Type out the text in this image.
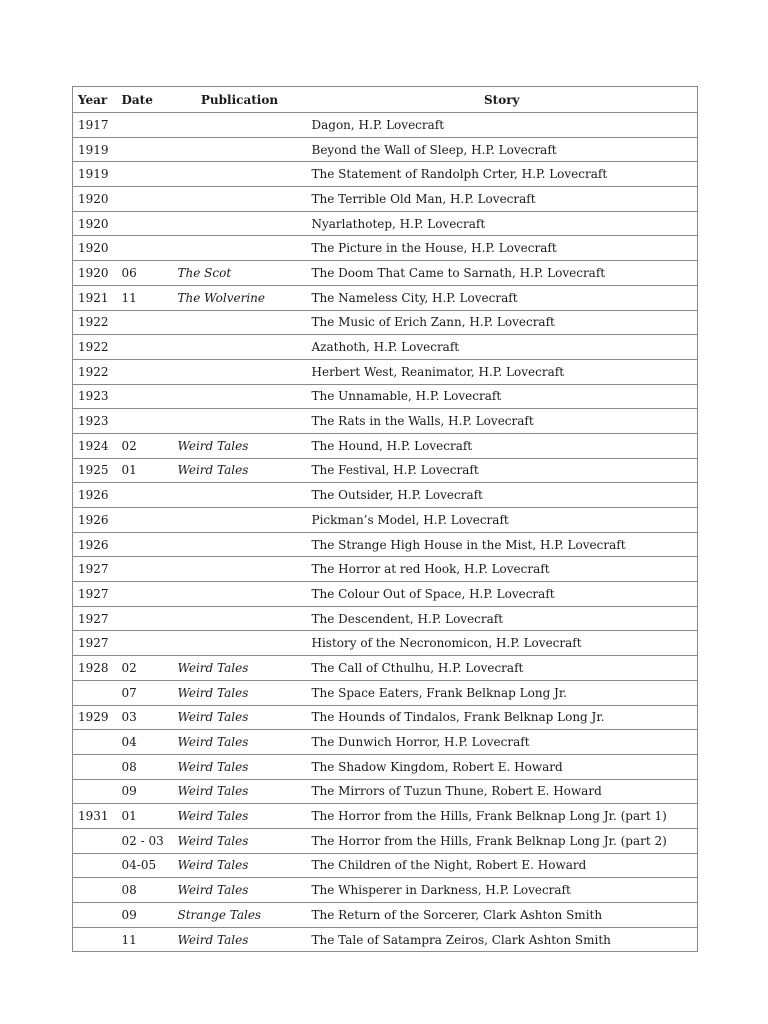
Year	Date	Publication	Story
1917			Dagon, H.P. Lovecraft
1919			Beyond the Wall of Sleep, H.P. Lovecraft
1919			The Statement of Randolph Crter, H.P. Lovecraft
1920			The Terrible Old Man, H.P. Lovecraft
1920			Nyarlathotep, H.P. Lovecraft
1920			The Picture in the House, H.P. Lovecraft
1920	06	The Scot	The Doom That Came to Sarnath, H.P. Lovecraft
1921	11	The Wolverine	The Nameless City, H.P. Lovecraft
1922			The Music of Erich Zann, H.P. Lovecraft
1922			Azathoth, H.P. Lovecraft
1922			Herbert West, Reanimator, H.P. Lovecraft
1923			The Unnamable, H.P. Lovecraft
1923			The Rats in the Walls, H.P. Lovecraft
1924	02	Weird Tales	The Hound, H.P. Lovecraft
1925	01	Weird Tales	The Festival, H.P. Lovecraft
1926			The Outsider, H.P. Lovecraft
1926			Pickman’s Model, H.P. Lovecraft
1926			The Strange High House in the Mist, H.P. Lovecraft
1927			The Horror at red Hook, H.P. Lovecraft
1927			The Colour Out of Space, H.P. Lovecraft
1927			The Descendent, H.P. Lovecraft
1927			History of the Necronomicon, H.P. Lovecraft
1928	02	Weird Tales	The Call of Cthulhu, H.P. Lovecraft
	07	Weird Tales	The Space Eaters, Frank Belknap Long Jr.
1929	03	Weird Tales	The Hounds of Tindalos, Frank Belknap Long Jr.
	04	Weird Tales	The Dunwich Horror, H.P. Lovecraft
	08	Weird Tales	The Shadow Kingdom, Robert E. Howard
	09	Weird Tales	The Mirrors of Tuzun Thune, Robert E. Howard
1931	01	Weird Tales	The Horror from the Hills, Frank Belknap Long Jr. (part 1)
	02 - 03	Weird Tales	The Horror from the Hills, Frank Belknap Long Jr. (part 2)
	04-05	Weird Tales	The Children of the Night, Robert E. Howard
	08	Weird Tales	The Whisperer in Darkness, H.P. Lovecraft
	09	Strange Tales	The Return of the Sorcerer, Clark Ashton Smith
	11	Weird Tales	The Tale of Satampra Zeiros, Clark Ashton Smith
